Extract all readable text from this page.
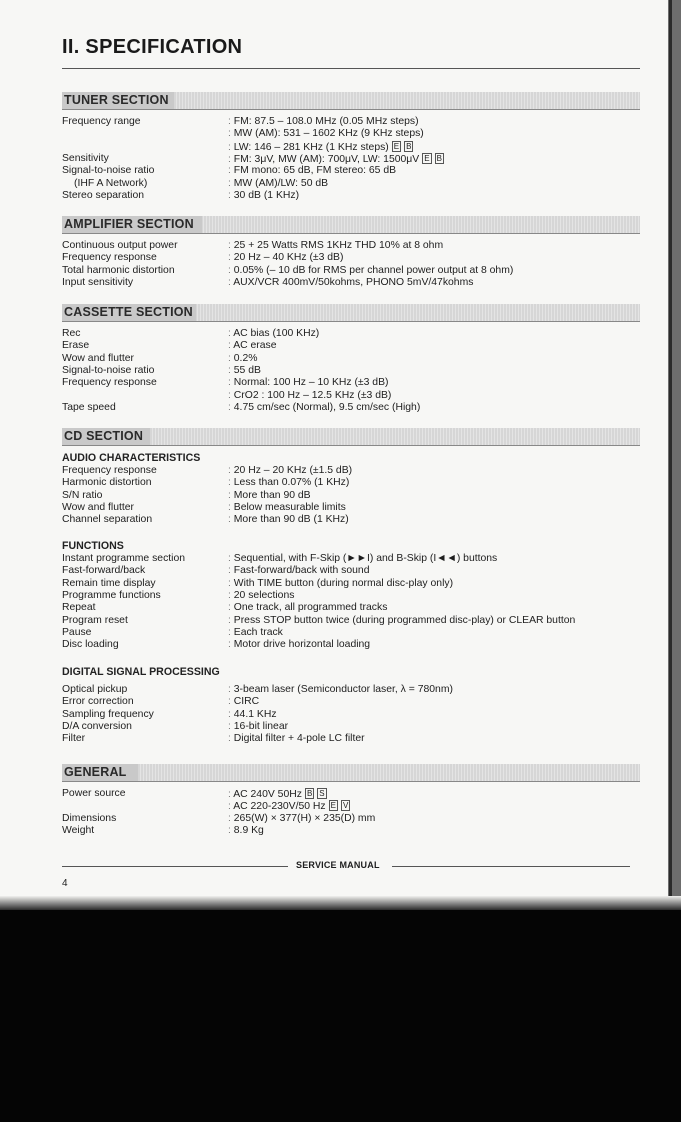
II. SPECIFICATION
TUNER SECTION
Frequency range	: FM: 87.5 – 108.0 MHz (0.05 MHz steps)
: MW (AM): 531 – 1602 KHz (9 KHz steps)
: LW: 146 – 281 KHz (1 KHz steps) E B
Sensitivity	: FM: 3μV, MW (AM): 700μV, LW: 1500μV E B
Signal-to-noise ratio	: FM mono: 65 dB, FM stereo: 65 dB
(IHF A Network)	: MW (AM)/LW: 50 dB
Stereo separation	: 30 dB (1 KHz)
AMPLIFIER SECTION
Continuous output power	: 25 + 25 Watts RMS 1KHz THD 10% at 8 ohm
Frequency response	: 20 Hz – 40 KHz (±3 dB)
Total harmonic distortion	: 0.05% (– 10 dB for RMS per channel power output at 8 ohm)
Input sensitivity	: AUX/VCR 400mV/50kohms, PHONO 5mV/47kohms
CASSETTE SECTION
Rec	: AC bias (100 KHz)
Erase	: AC erase
Wow and flutter	: 0.2%
Signal-to-noise ratio	: 55 dB
Frequency response	: Normal: 100 Hz – 10 KHz (±3 dB)
: CrO2 : 100 Hz – 12.5 KHz (±3 dB)
Tape speed	: 4.75 cm/sec (Normal), 9.5 cm/sec (High)
CD SECTION
AUDIO CHARACTERISTICS
Frequency response	: 20 Hz – 20 KHz (±1.5 dB)
Harmonic distortion	: Less than 0.07% (1 KHz)
S/N ratio	: More than 90 dB
Wow and flutter	: Below measurable limits
Channel separation	: More than 90 dB (1 KHz)
FUNCTIONS
Instant programme section	: Sequential, with F-Skip (►►I) and B-Skip (I◄◄) buttons
Fast-forward/back	: Fast-forward/back with sound
Remain time display	: With TIME button (during normal disc-play only)
Programme functions	: 20 selections
Repeat	: One track, all programmed tracks
Program reset	: Press STOP button twice (during programmed disc-play) or CLEAR button
Pause	: Each track
Disc loading	: Motor drive horizontal loading
DIGITAL SIGNAL PROCESSING
Optical pickup	: 3-beam laser (Semiconductor laser, λ = 780nm)
Error correction	: CIRC
Sampling frequency	: 44.1 KHz
D/A conversion	: 16-bit linear
Filter	: Digital filter + 4-pole LC filter
GENERAL
Power source	: AC 240V 50Hz B S
: AC 220-230V/50 Hz E V
Dimensions	: 265(W) × 377(H) × 235(D) mm
Weight	: 8.9 Kg
SERVICE MANUAL
4
